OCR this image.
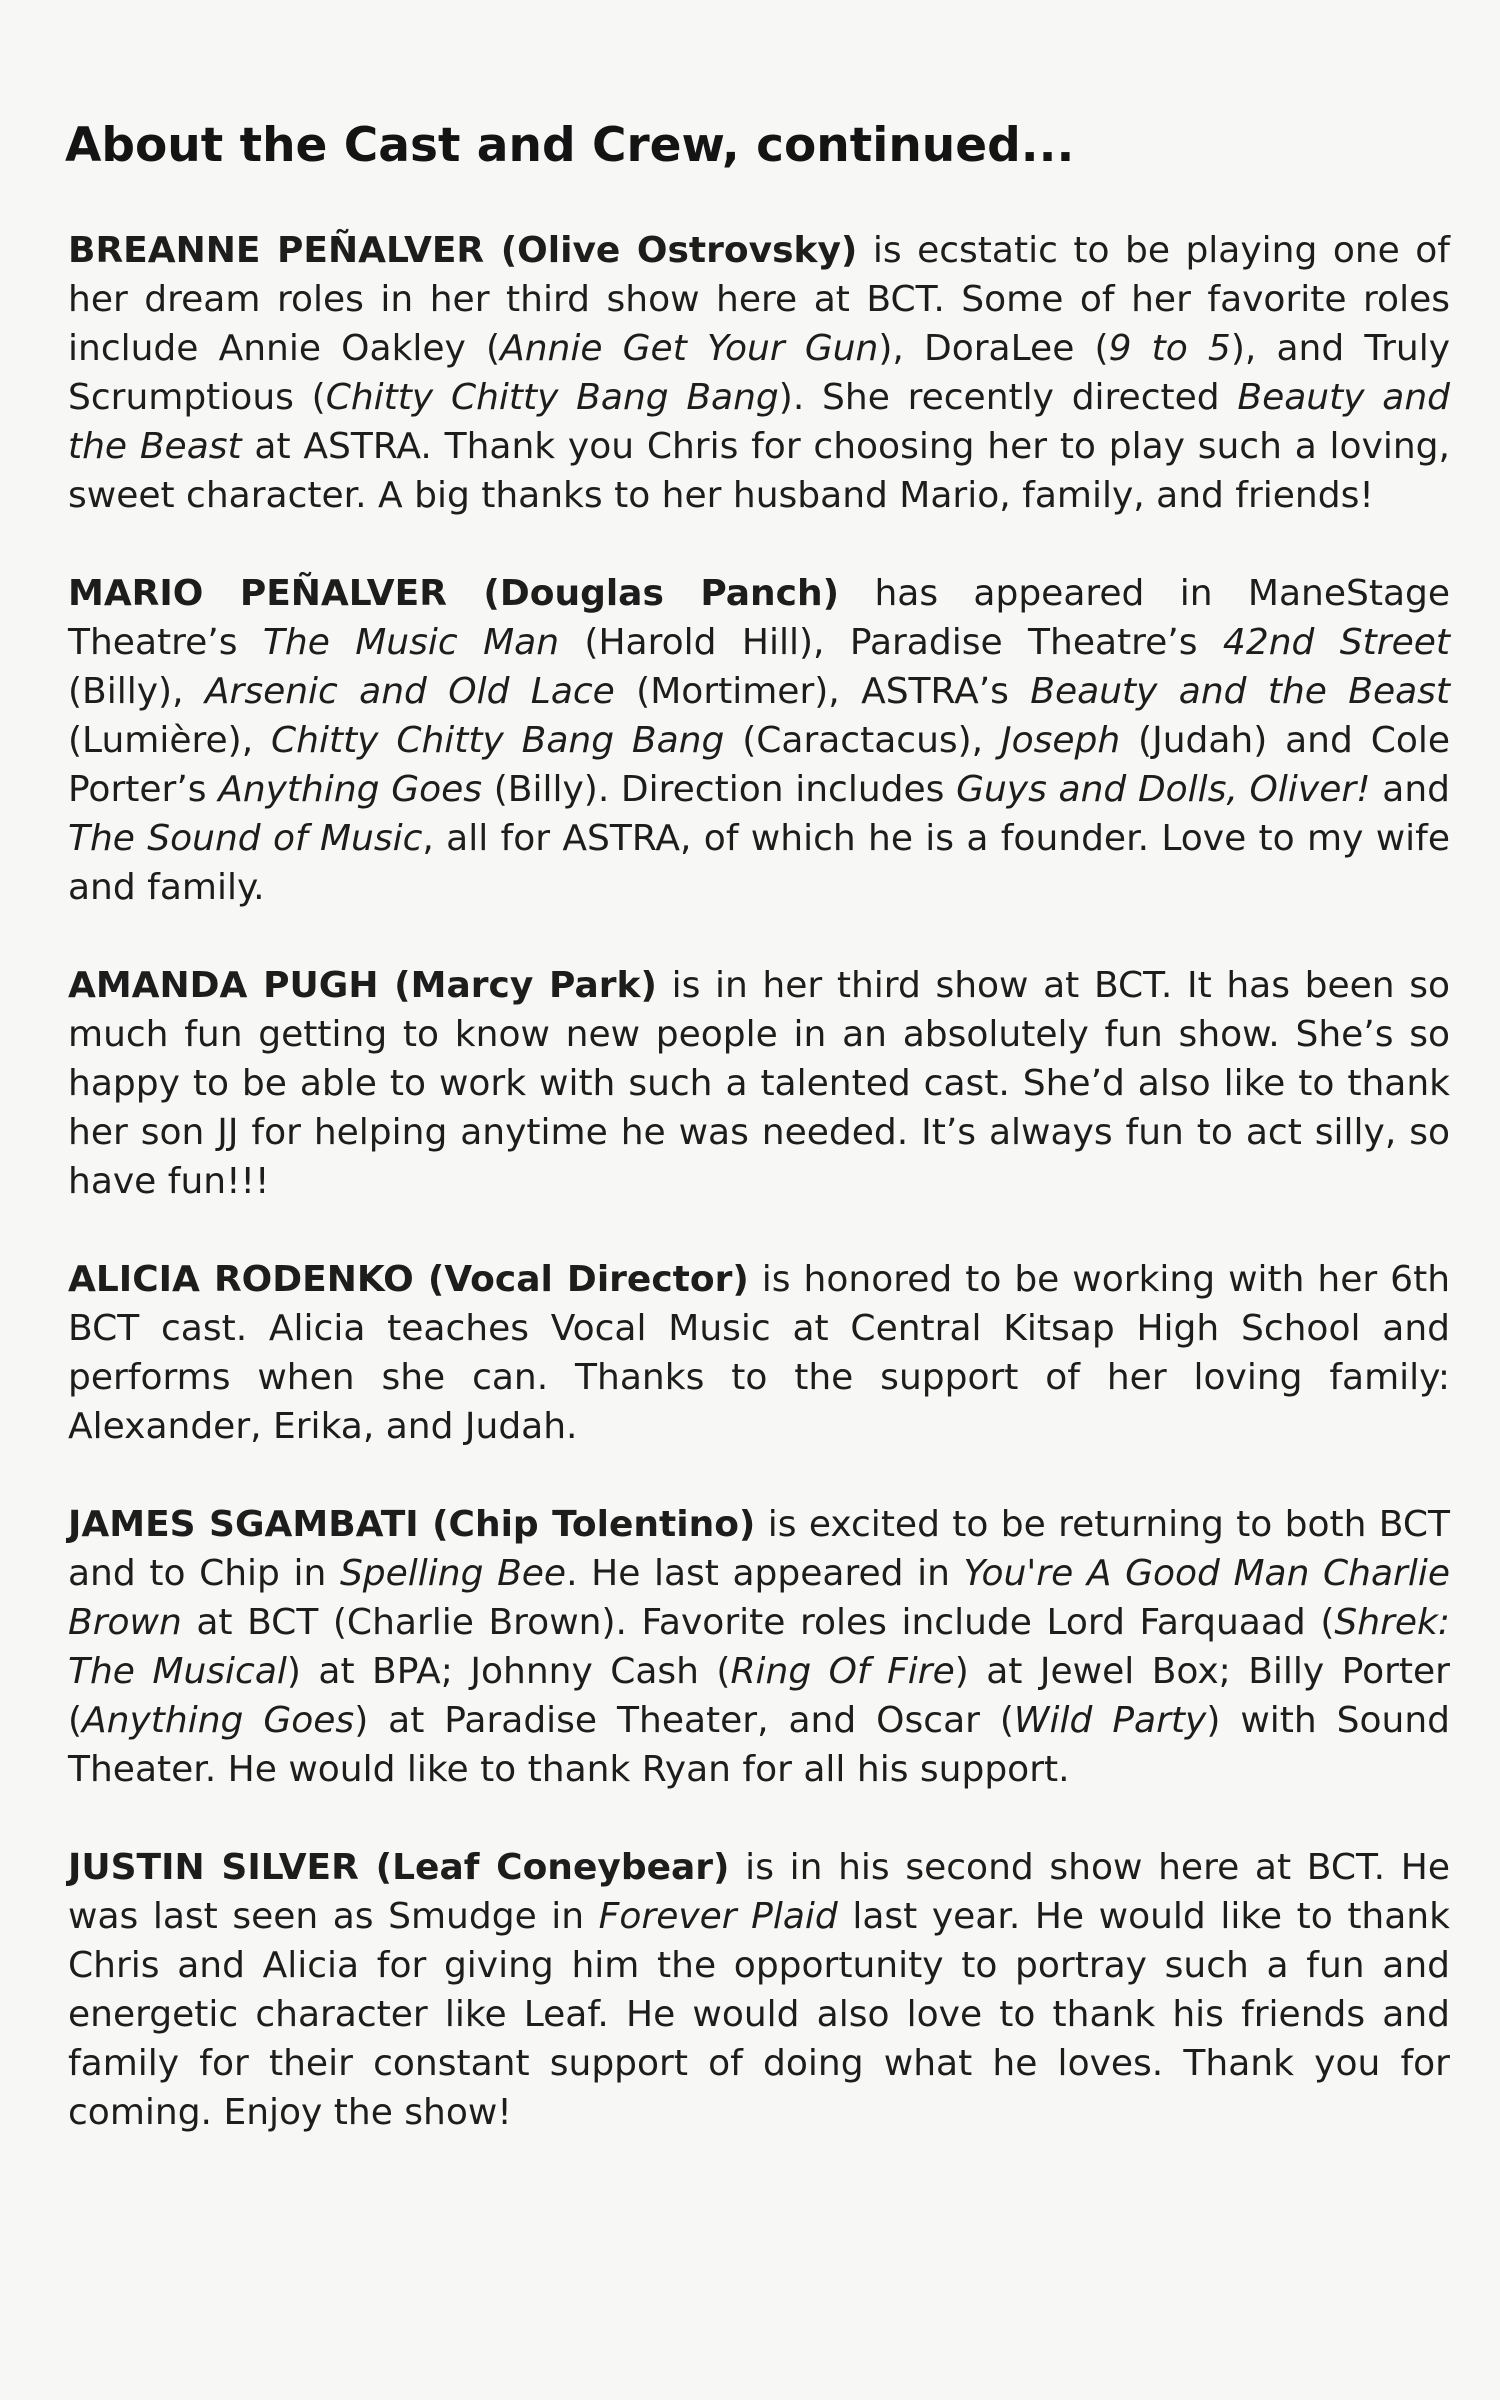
About the Cast and Crew, continued...
BREANNE PEÑALVER (Olive Ostrovsky) is ecstatic to be playing one of her dream roles in her third show here at BCT. Some of her favorite roles include Annie Oakley (Annie Get Your Gun), DoraLee (9 to 5), and Truly Scrumptious (Chitty Chitty Bang Bang). She recently directed Beauty and the Beast at ASTRA. Thank you Chris for choosing her to play such a loving, sweet character. A big thanks to her husband Mario, family, and friends!
MARIO PEÑALVER (Douglas Panch) has appeared in ManeStage Theatre’s The Music Man (Harold Hill), Paradise Theatre’s 42nd Street (Billy), Arsenic and Old Lace (Mortimer), ASTRA’s Beauty and the Beast (Lumière), Chitty Chitty Bang Bang (Caractacus), Joseph (Judah) and Cole Porter’s Anything Goes (Billy). Direction includes Guys and Dolls, Oliver! and The Sound of Music, all for ASTRA, of which he is a founder. Love to my wife and family.
AMANDA PUGH (Marcy Park) is in her third show at BCT. It has been so much fun getting to know new people in an absolutely fun show. She’s so happy to be able to work with such a talented cast. She’d also like to thank her son JJ for helping anytime he was needed. It’s always fun to act silly, so have fun!!!
ALICIA RODENKO (Vocal Director) is honored to be working with her 6th BCT cast. Alicia teaches Vocal Music at Central Kitsap High School and performs when she can. Thanks to the support of her loving family: Alexander, Erika, and Judah.
JAMES SGAMBATI (Chip Tolentino) is excited to be returning to both BCT and to Chip in Spelling Bee. He last appeared in You're A Good Man Charlie Brown at BCT (Charlie Brown). Favorite roles include Lord Farquaad (Shrek: The Musical) at BPA; Johnny Cash (Ring Of Fire) at Jewel Box; Billy Porter (Anything Goes) at Paradise Theater, and Oscar (Wild Party) with Sound Theater. He would like to thank Ryan for all his support.
JUSTIN SILVER (Leaf Coneybear) is in his second show here at BCT. He was last seen as Smudge in Forever Plaid last year. He would like to thank Chris and Alicia for giving him the opportunity to portray such a fun and energetic character like Leaf. He would also love to thank his friends and family for their constant support of doing what he loves. Thank you for coming. Enjoy the show!
